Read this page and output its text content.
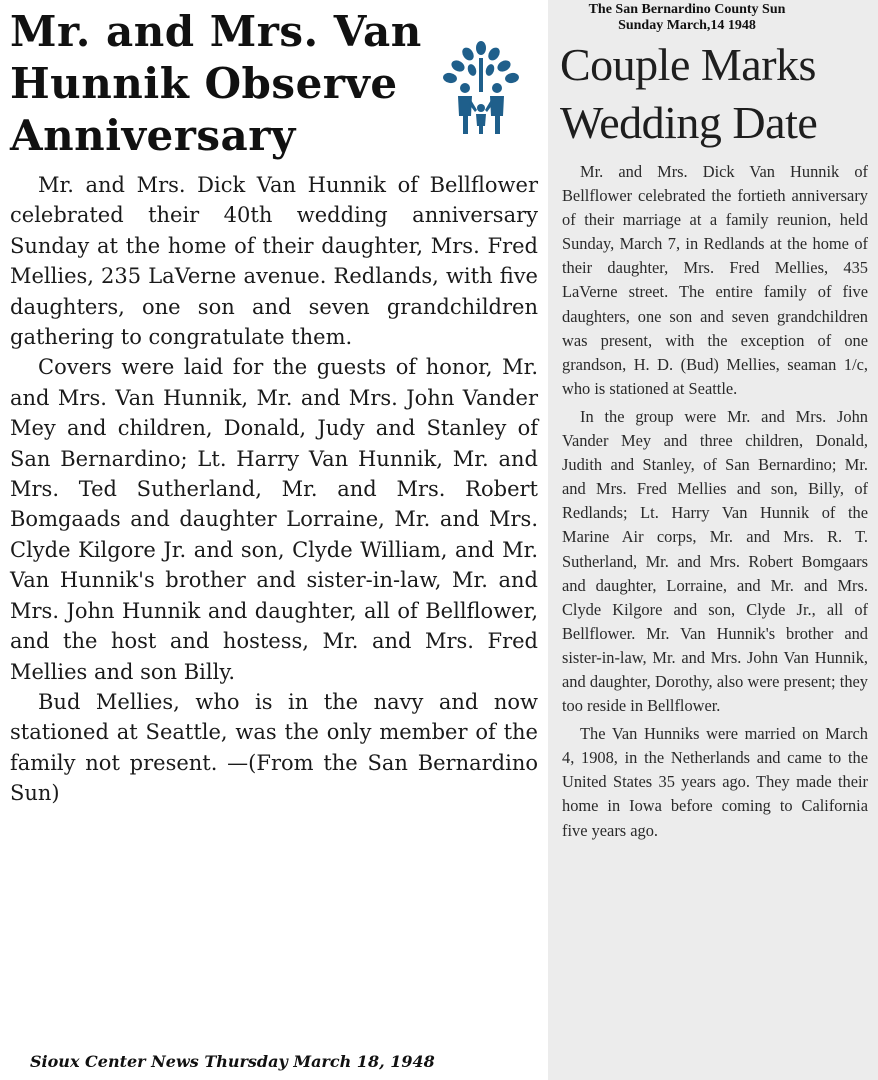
Mr. and Mrs. Van
Hunnik Observe
Anniversary

Mr. and Mrs. Dick Van Hunnik of Bellflower celebrated their 40th wedding anniversary Sunday at the home of their daughter, Mrs. Fred Mellies, 235 LaVerne avenue. Redlands, with five daughters, one son and seven grandchildren gathering to congratulate them.

Covers were laid for the guests of honor, Mr. and Mrs. Van Hunnik, Mr. and Mrs. John Vander Mey and children, Donald, Judy and Stanley of San Bernardino; Lt. Harry Van Hunnik, Mr. and Mrs. Ted Sutherland, Mr. and Mrs. Robert Bomgaads and daughter Lorraine, Mr. and Mrs. Clyde Kilgore Jr. and son, Clyde William, and Mr. Van Hunnik's brother and sister-in-law, Mr. and Mrs. John Hunnik and daughter, all of Bellflower, and the host and hostess, Mr. and Mrs. Fred Mellies and son Billy.

Bud Mellies, who is in the navy and now stationed at Seattle, was the only member of the family not present. —(From the San Bernardino Sun)

Sioux Center News Thursday March 18, 1948
The San Bernardino County Sun
Sunday March,14 1948
Couple Marks
Wedding Date

Mr. and Mrs. Dick Van Hunnik of Bellflower celebrated the fortieth anniversary of their marriage at a family reunion, held Sunday, March 7, in Redlands at the home of their daughter, Mrs. Fred Mellies, 435 LaVerne street. The entire family of five daughters, one son and seven grandchildren was present, with the exception of one grandson, H. D. (Bud) Mellies, seaman 1/c, who is stationed at Seattle.

In the group were Mr. and Mrs. John Vander Mey and three children, Donald, Judith and Stanley, of San Bernardino; Mr. and Mrs. Fred Mellies and son, Billy, of Redlands; Lt. Harry Van Hunnik of the Marine Air corps, Mr. and Mrs. R. T. Sutherland, Mr. and Mrs. Robert Bomgaars and daughter, Lorraine, and Mr. and Mrs. Clyde Kilgore and son, Clyde Jr., all of Bellflower. Mr. Van Hunnik's brother and sister-in-law, Mr. and Mrs. John Van Hunnik, and daughter, Dorothy, also were present; they too reside in Bellflower.

The Van Hunniks were married on March 4, 1908, in the Netherlands and came to the United States 35 years ago. They made their home in Iowa before coming to California five years ago.
